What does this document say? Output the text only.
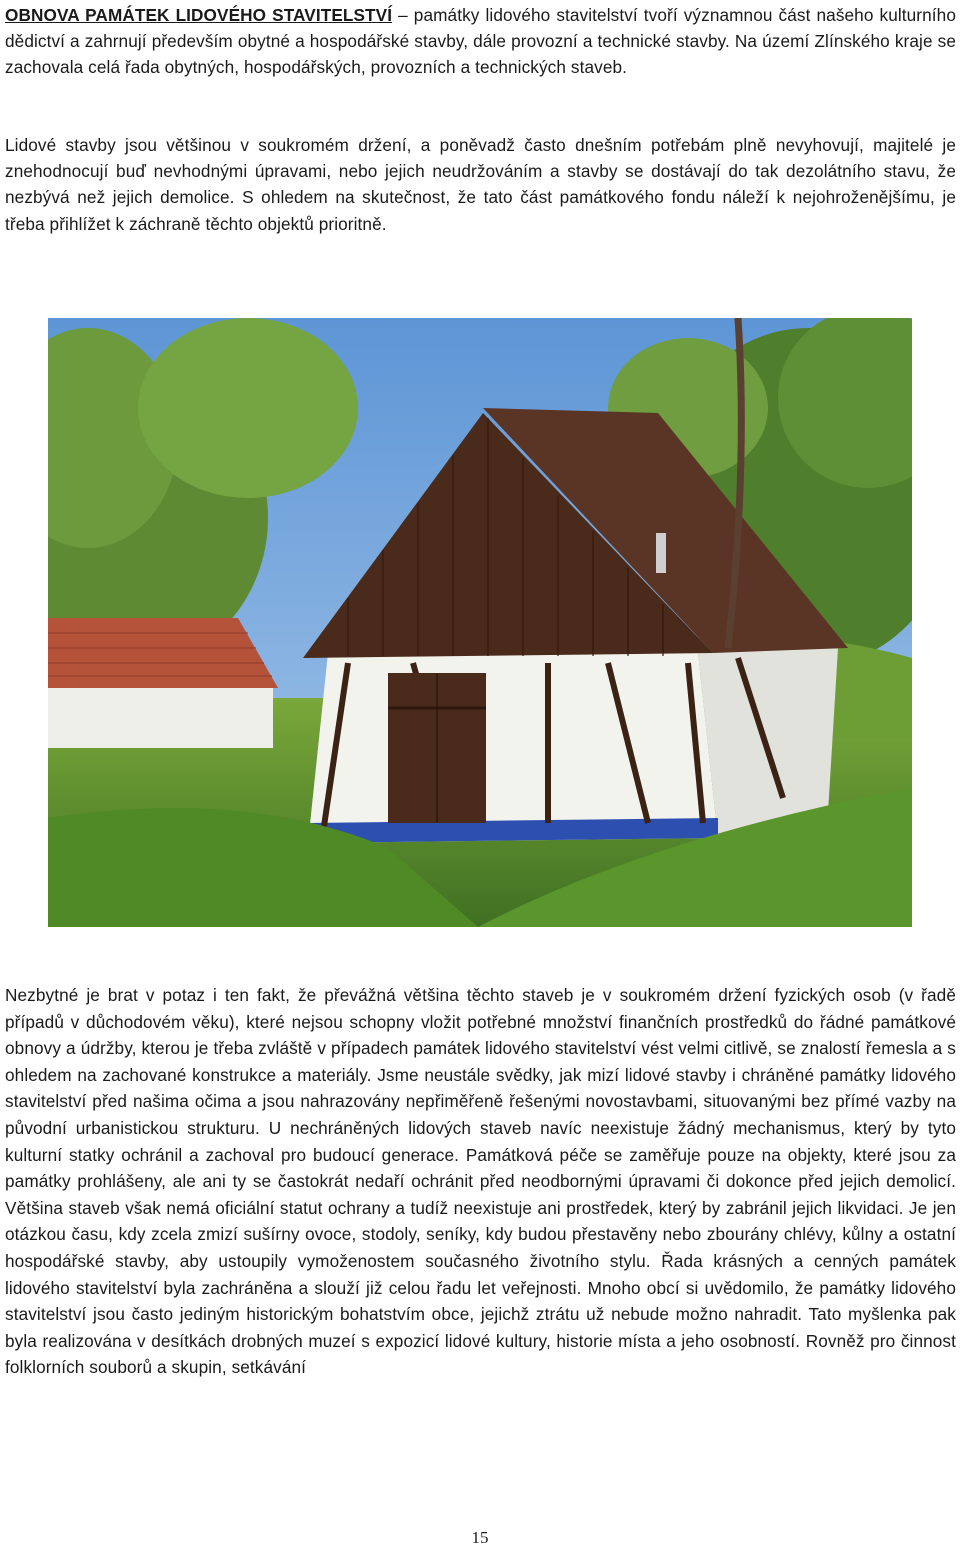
OBNOVA PAMÁTEK LIDOVÉHO STAVITELSTVÍ – památky lidového stavitelství tvoří významnou část našeho kulturního dědictví a zahrnují především obytné a hospodářské stavby, dále provozní a technické stavby. Na území Zlínského kraje se zachovala celá řada obytných, hospodářských, provozních a technických staveb.

Lidové stavby jsou většinou v soukromém držení, a poněvadž často dnešním potřebám plně nevyhovují, majitelé je znehodnocují buď nevhodnými úpravami, nebo jejich neudržováním a stavby se dostávají do tak dezolátního stavu, že nezbývá než jejich demolice. S ohledem na skutečnost, že tato část památkového fondu náleží k nejohroženějšímu, je třeba přihlížet k záchraně těchto objektů prioritně.

Nezbytné je brat v potaz i ten fakt, že převážná většina těchto staveb je v soukromém držení fyzických osob (v řadě případů v důchodovém věku), které nejsou schopny vložit potřebné množství finančních prostředků do řádné památkové obnovy a údržby, kterou je třeba zvláště v případech památek lidového stavitelství vést velmi citlivě, se znalostí řemesla a s ohledem na zachované konstrukce a materiály. Jsme neustále svědky, jak mizí lidové stavby i chráněné památky lidového stavitelství před našima očima a jsou nahrazovány nepřiměřeně řešenými novostavbami, situovanými bez přímé vazby na původní urbanistickou strukturu. U nechráněných lidových staveb navíc neexistuje žádný mechanismus, který by tyto kulturní statky ochránil a zachoval pro budoucí generace. Památková péče se zaměřuje pouze na objekty, které jsou za památky prohlášeny, ale ani ty se častokrát nedaří ochránit před neodbornými úpravami či dokonce před jejich demolicí. Většina staveb však nemá oficiální statut ochrany a tudíž neexistuje ani prostředek, který by zabránil jejich likvidaci. Je jen otázkou času, kdy zcela zmizí sušírny ovoce, stodoly, seníky, kdy budou přestavěny nebo zbourány chlévy, kůlny a ostatní hospodářské stavby, aby ustoupily vymoženostem současného životního stylu. Řada krásných a cenných památek lidového stavitelství byla zachráněna a slouží již celou řadu let veřejnosti. Mnoho obcí si uvědomilo, že památky lidového stavitelství jsou často jediným historickým bohatstvím obce, jejichž ztrátu už nebude možno nahradit. Tato myšlenka pak byla realizována v desítkách drobných muzeí s expozicí lidové kultury, historie místa a jeho osobností. Rovněž pro činnost folklorních souborů a skupin, setkávání

15
